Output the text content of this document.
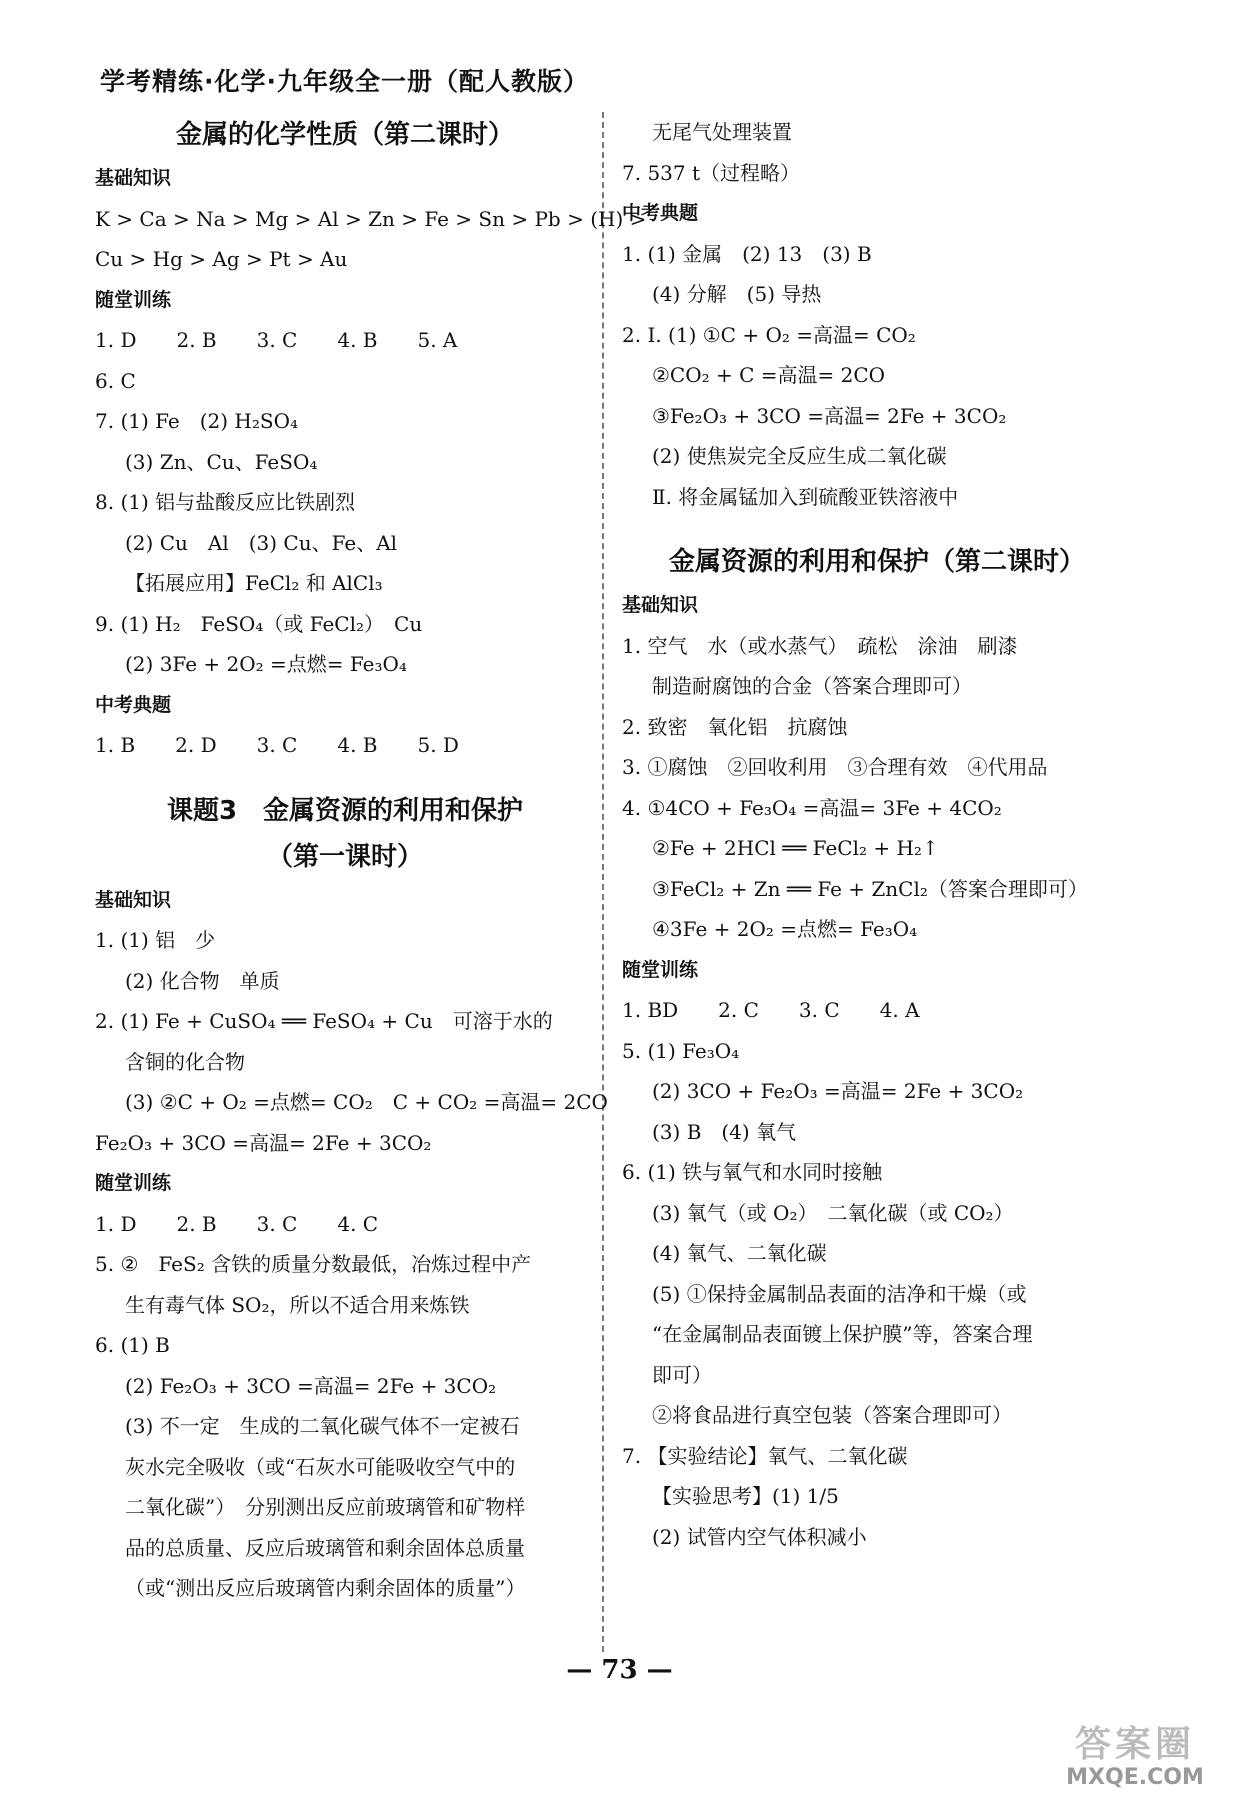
学考精练·化学·九年级全一册（配人教版）
金属的化学性质（第二课时）
基础知识
K > Ca > Na > Mg > Al > Zn > Fe > Sn > Pb > (H) >
Cu > Hg > Ag > Pt > Au
随堂训练
1. D　　2. B　　3. C　　4. B　　5. A
6. C
7. (1) Fe　(2) H₂SO₄
(3) Zn、Cu、FeSO₄
8. (1) 铝与盐酸反应比铁剧烈
(2) Cu　Al　(3) Cu、Fe、Al
【拓展应用】FeCl₂ 和 AlCl₃
9. (1) H₂　FeSO₄（或 FeCl₂）　Cu
(2) 3Fe + 2O₂ =点燃= Fe₃O₄
中考典题
1. B　　2. D　　3. C　　4. B　　5. D
课题3　金属资源的利用和保护
（第一课时）
基础知识
1. (1) 铝　少
(2) 化合物　单质
2. (1) Fe + CuSO₄ ══ FeSO₄ + Cu　可溶于水的
含铜的化合物
(3) ②C + O₂ =点燃= CO₂　C + CO₂ =高温= 2CO
Fe₂O₃ + 3CO =高温= 2Fe + 3CO₂
随堂训练
1. D　　2. B　　3. C　　4. C
5. ②　FeS₂ 含铁的质量分数最低，冶炼过程中产
生有毒气体 SO₂，所以不适合用来炼铁
6. (1) B
(2) Fe₂O₃ + 3CO =高温= 2Fe + 3CO₂
(3) 不一定　生成的二氧化碳气体不一定被石
灰水完全吸收（或“石灰水可能吸收空气中的
二氧化碳”）　分别测出反应前玻璃管和矿物样
品的总质量、反应后玻璃管和剩余固体总质量
（或“测出反应后玻璃管内剩余固体的质量”）
无尾气处理装置
7. 537 t（过程略）
中考典题
1. (1) 金属　(2) 13　(3) B
(4) 分解　(5) 导热
2. Ⅰ. (1) ①C + O₂ =高温= CO₂
②CO₂ + C =高温= 2CO
③Fe₂O₃ + 3CO =高温= 2Fe + 3CO₂
(2) 使焦炭完全反应生成二氧化碳
Ⅱ. 将金属锰加入到硫酸亚铁溶液中
金属资源的利用和保护（第二课时）
基础知识
1. 空气　水（或水蒸气）　疏松　涂油　刷漆
制造耐腐蚀的合金（答案合理即可）
2. 致密　氧化铝　抗腐蚀
3. ①腐蚀　②回收利用　③合理有效　④代用品
4. ①4CO + Fe₃O₄ =高温= 3Fe + 4CO₂
②Fe + 2HCl ══ FeCl₂ + H₂↑
③FeCl₂ + Zn ══ Fe + ZnCl₂（答案合理即可）
④3Fe + 2O₂ =点燃= Fe₃O₄
随堂训练
1. BD　　2. C　　3. C　　4. A
5. (1) Fe₃O₄
(2) 3CO + Fe₂O₃ =高温= 2Fe + 3CO₂
(3) B　(4) 氧气
6. (1) 铁与氧气和水同时接触
(3) 氧气（或 O₂）　二氧化碳（或 CO₂）
(4) 氧气、二氧化碳
(5) ①保持金属制品表面的洁净和干燥（或
“在金属制品表面镀上保护膜”等，答案合理
即可）
②将食品进行真空包装（答案合理即可）
7. 【实验结论】氧气、二氧化碳
【实验思考】(1) 1/5
(2) 试管内空气体积减小
— 73 —
答案圈
MXQE.COM
